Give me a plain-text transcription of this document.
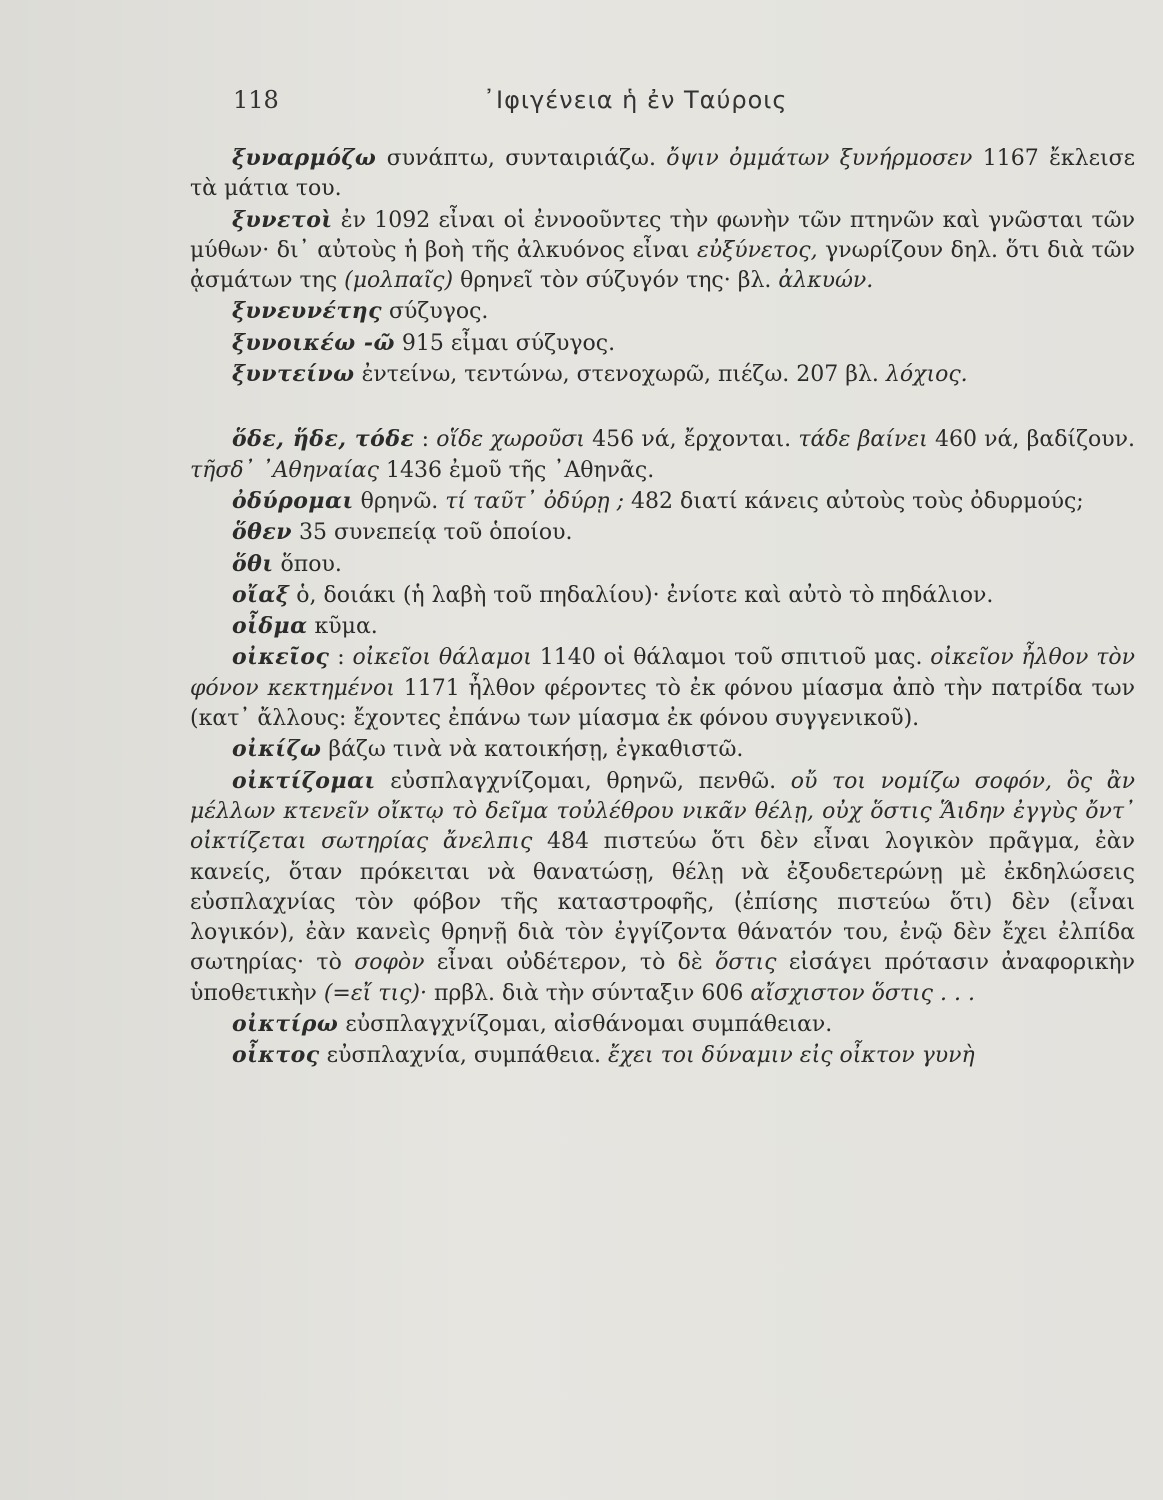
118	᾽Ιφιγένεια ἡ ἐν Ταύροις

ξυναρμόζω συνάπτω, συνταιριάζω. ὄψιν ὀμμάτων ξυνήρμοσεν 1167 ἔκλεισε τὰ μάτια του.

ξυνετοὶ ἐν 1092 εἶναι οἱ ἐννοοῦντες τὴν φωνὴν τῶν πτηνῶν καὶ γνῶσται τῶν μύθων· δι᾽ αὐτοὺς ἡ βοὴ τῆς ἀλκυόνος εἶναι εὐξύνετος, γνωρίζουν δηλ. ὅτι διὰ τῶν ᾀσμάτων της (μολπαῖς) θρηνεῖ τὸν σύζυγόν της· βλ. ἀλκυών.

ξυνευνέτης σύζυγος.

ξυνοικέω -ῶ 915 εἶμαι σύζυγος.

ξυντείνω ἐντείνω, τεντώνω, στενοχωρῶ, πιέζω. 207 βλ. λόχιος.

ὅδε, ἥδε, τόδε : οἵδε χωροῦσι 456 νά, ἔρχονται. τάδε βαίνει 460 νά, βαδίζουν. τῆσδ᾽ ᾽Αθηναίας 1436 ἐμοῦ τῆς ᾽Αθηνᾶς.

ὀδύρομαι θρηνῶ. τί ταῦτ᾽ ὀδύρῃ ; 482 διατί κάνεις αὐτοὺς τοὺς ὀδυρμούς;

ὅθεν 35 συνεπείᾳ τοῦ ὁποίου.

ὅθι ὅπου.

οἴαξ ὁ, δοιάκι (ἡ λαβὴ τοῦ πηδαλίου)· ἐνίοτε καὶ αὐτὸ τὸ πηδάλιον.

οἶδμα κῦμα.

οἰκεῖος : οἰκεῖοι θάλαμοι 1140 οἱ θάλαμοι τοῦ σπιτιοῦ μας. οἰκεῖον ἦλθον τὸν φόνον κεκτημένοι 1171 ἦλθον φέροντες τὸ ἐκ φόνου μίασμα ἀπὸ τὴν πατρίδα των (κατ᾽ ἄλλους: ἔχοντες ἐπάνω των μίασμα ἐκ φόνου συγγενικοῦ).

οἰκίζω βάζω τινὰ νὰ κατοικήσῃ, ἐγκαθιστῶ.

οἰκτίζομαι εὐσπλαγχνίζομαι, θρηνῶ, πενθῶ. οὔ τοι νομίζω σοφόν, ὃς ἂν μέλλων κτενεῖν οἴκτῳ τὸ δεῖμα τοὐλέθρου νικᾶν θέλῃ, οὐχ ὅστις Ἅιδην ἐγγὺς ὄντ᾽ οἰκτίζεται σωτηρίας ἄνελπις 484 πιστεύω ὅτι δὲν εἶναι λογικὸν πρᾶγμα, ἐὰν κανείς, ὅταν πρόκειται νὰ θανατώσῃ, θέλῃ νὰ ἐξουδετερώνῃ μὲ ἐκδηλώσεις εὐσπλαχνίας τὸν φόβον τῆς καταστροφῆς, (ἐπίσης πιστεύω ὅτι) δὲν (εἶναι λογικόν), ἐὰν κανεὶς θρηνῇ διὰ τὸν ἐγγίζοντα θάνατόν του, ἐνῷ δὲν ἔχει ἐλπίδα σωτηρίας· τὸ σοφὸν εἶναι οὐδέτερον, τὸ δὲ ὅστις εἰσάγει πρότασιν ἀναφορικὴν ὑποθετικὴν (=εἴ τις)· πρβλ. διὰ τὴν σύνταξιν 606 αἴσχιστον ὅστις . . .

οἰκτίρω εὐσπλαγχνίζομαι, αἰσθάνομαι συμπάθειαν.

οἶκτος εὐσπλαχνία, συμπάθεια. ἔχει τοι δύναμιν εἰς οἶκτον γυνὴ
